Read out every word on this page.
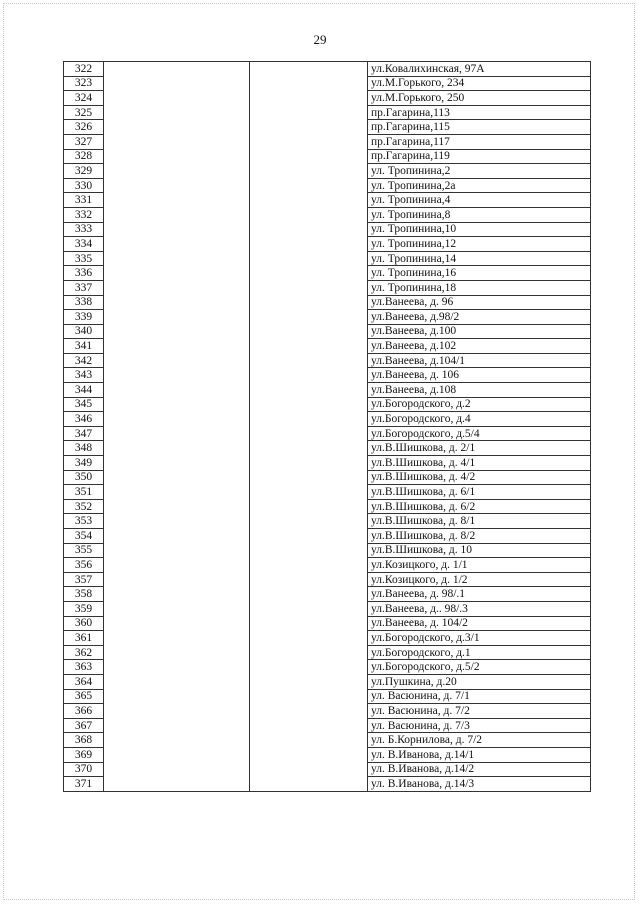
29
322			ул.Ковалихинская, 97А
323			ул.М.Горького, 234
324			ул.М.Горького, 250
325			пр.Гагарина,113
326			пр.Гагарина,115
327			пр.Гагарина,117
328			пр.Гагарина,119
329			ул. Тропинина,2
330			ул. Тропинина,2а
331			ул. Тропинина,4
332			ул. Тропинина,8
333			ул. Тропинина,10
334			ул. Тропинина,12
335			ул. Тропинина,14
336			ул. Тропинина,16
337			ул. Тропинина,18
338			ул.Ванеева, д. 96
339			ул.Ванеева, д.98/2
340			ул.Ванеева, д.100
341			ул.Ванеева, д.102
342			ул.Ванеева, д.104/1
343			ул.Ванеева, д. 106
344			ул.Ванеева, д.108
345			ул.Богородского, д.2
346			ул.Богородского, д.4
347			ул.Богородского, д.5/4
348			ул.В.Шишкова, д. 2/1
349			ул.В.Шишкова, д. 4/1
350			ул.В.Шишкова, д. 4/2
351			ул.В.Шишкова, д. 6/1
352			ул.В.Шишкова, д. 6/2
353			ул.В.Шишкова, д. 8/1
354			ул.В.Шишкова, д. 8/2
355			ул.В.Шишкова, д. 10
356			ул.Козицкого, д. 1/1
357			ул.Козицкого, д. 1/2
358			ул.Ванеева, д. 98/.1
359			ул.Ванеева, д.. 98/.3
360			ул.Ванеева, д. 104/2
361			ул.Богородского, д.3/1
362			ул.Богородского, д.1
363			ул.Богородского, д.5/2
364			ул.Пушкина, д.20
365			ул. Васюнина, д. 7/1
366			ул. Васюнина, д. 7/2
367			ул. Васюнина, д. 7/3
368			ул. Б.Корнилова, д. 7/2
369			ул. В.Иванова, д.14/1
370			ул. В.Иванова, д.14/2
371			ул. В.Иванова, д.14/3
